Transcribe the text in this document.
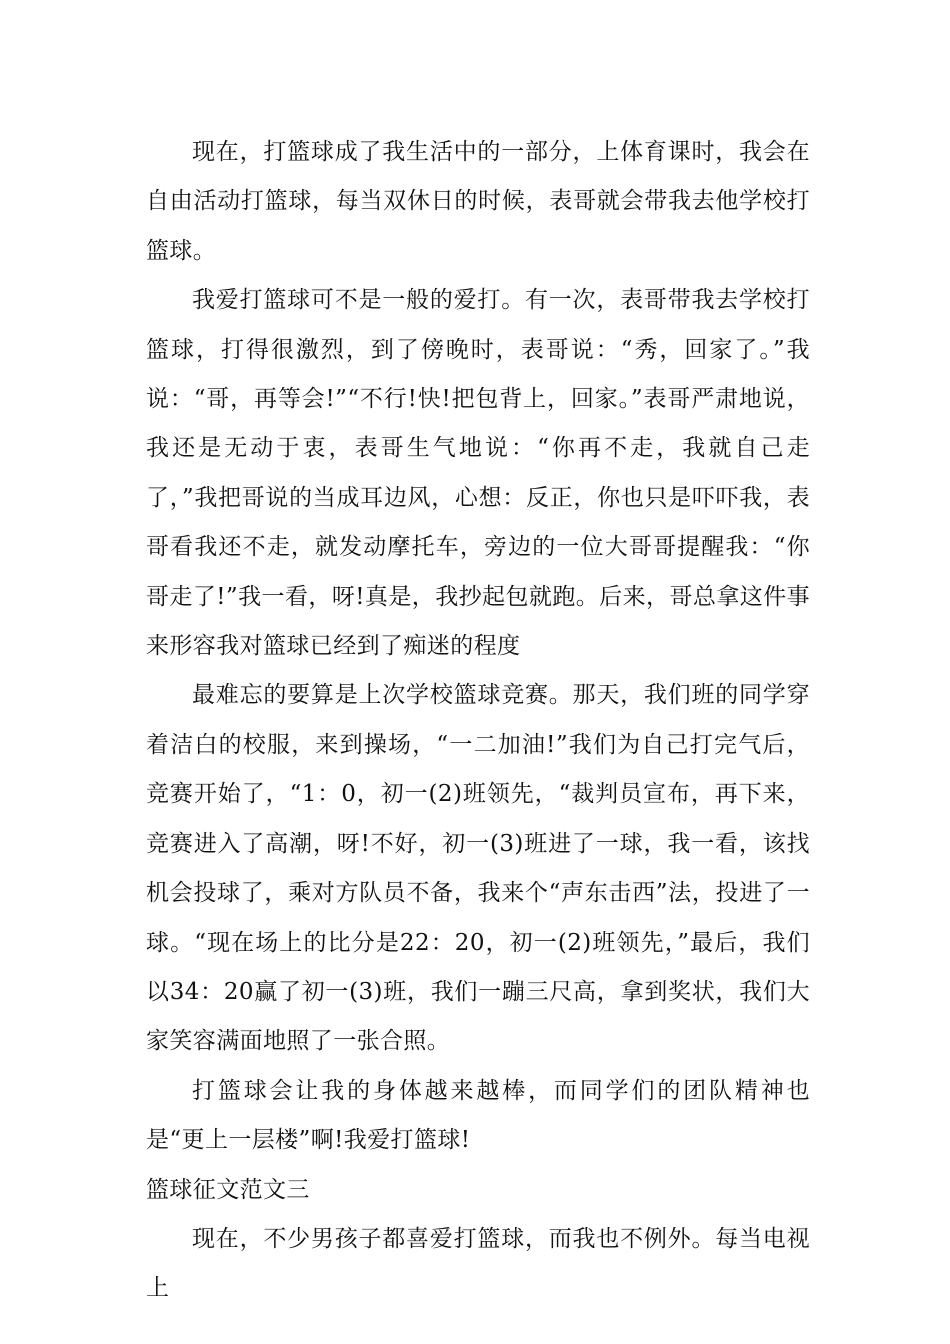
现在，打篮球成了我生活中的一部分，上体育课时，我会在自由活动打篮球，每当双休日的时候，表哥就会带我去他学校打篮球。

我爱打篮球可不是一般的爱打。有一次，表哥带我去学校打篮球，打得很激烈，到了傍晚时，表哥说：“秀，回家了。”我说：“哥，再等会!”“不行!快!把包背上，回家。”表哥严肃地说，我还是无动于衷，表哥生气地说：“你再不走，我就自己走了，”我把哥说的当成耳边风，心想：反正，你也只是吓吓我，表哥看我还不走，就发动摩托车，旁边的一位大哥哥提醒我：“你哥走了!”我一看，呀!真是，我抄起包就跑。后来，哥总拿这件事来形容我对篮球已经到了痴迷的程度

最难忘的要算是上次学校篮球竞赛。那天，我们班的同学穿着洁白的校服，来到操场，“一二加油!”我们为自己打完气后，竞赛开始了，“1：0，初一(2)班领先，“裁判员宣布，再下来，竞赛进入了高潮，呀!不好，初一(3)班进了一球，我一看，该找机会投球了，乘对方队员不备，我来个“声东击西”法，投进了一球。“现在场上的比分是22：20，初一(2)班领先，”最后，我们以34：20赢了初一(3)班，我们一蹦三尺高，拿到奖状，我们大家笑容满面地照了一张合照。

打篮球会让我的身体越来越棒，而同学们的团队精神也是“更上一层楼”啊!我爱打篮球!

篮球征文范文三

现在，不少男孩子都喜爱打篮球，而我也不例外。每当电视上
